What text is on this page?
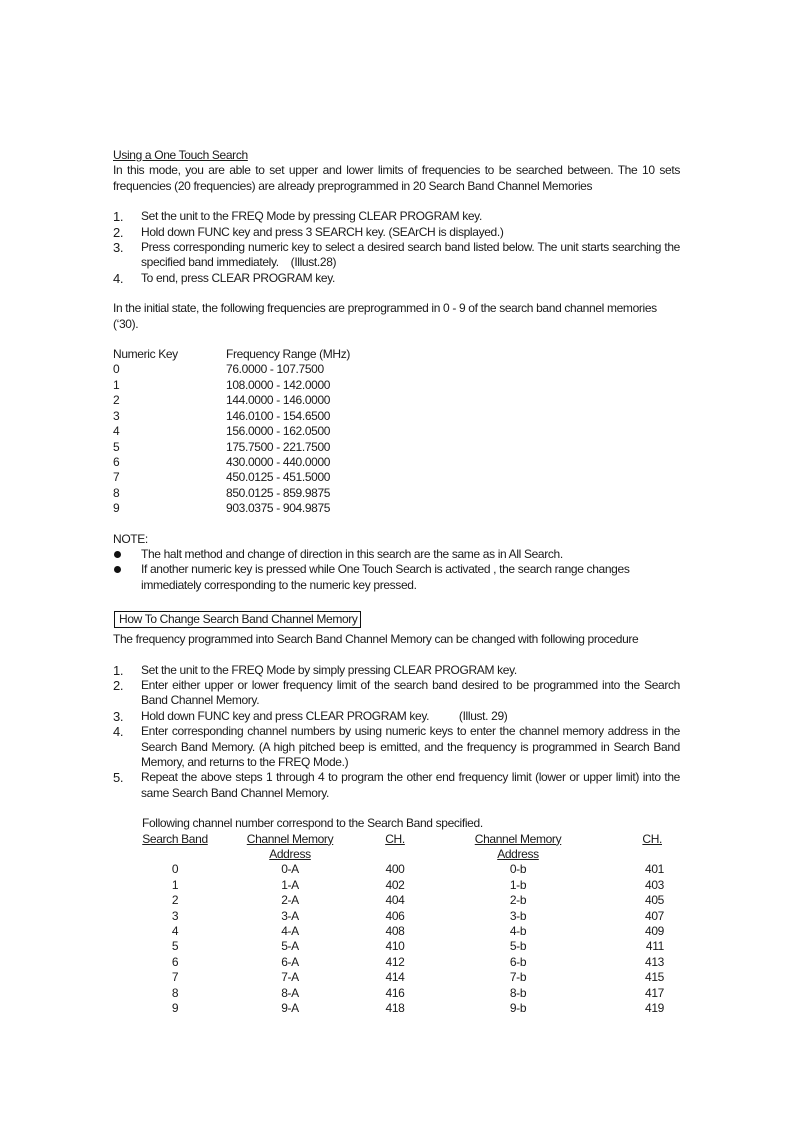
Using a One Touch Search
In this mode, you are able to set upper and lower limits of frequencies to be searched between. The 10 sets frequencies (20 frequencies) are already preprogrammed in 20 Search Band Channel Memories
1. Set the unit to the FREQ Mode by pressing CLEAR PROGRAM key.
2. Hold down FUNC key and press 3 SEARCH key. (SEArCH is displayed.)
3. Press corresponding numeric key to select a desired search band listed below. The unit starts searching the specified band immediately.    (Illust.28)
4. To end, press CLEAR PROGRAM key.
In the initial state, the following frequencies are preprogrammed in 0 - 9 of the search band channel memories (‘30).
Numeric Key	Frequency Range (MHz)
0	76.0000 - 107.7500
1	108.0000 - 142.0000
2	144.0000 - 146.0000
3	146.0100 - 154.6500
4	156.0000 - 162.0500
5	175.7500 - 221.7500
6	430.0000 - 440.0000
7	450.0125 - 451.5000
8	850.0125 - 859.9875
9	903.0375 - 904.9875
NOTE:
The halt method and change of direction in this search are the same as in All Search.
If another numeric key is pressed while One Touch Search is activated , the search range changes immediately corresponding to the numeric key pressed.
How To Change Search Band Channel Memory
The frequency programmed into Search Band Channel Memory can be changed with following procedure
1. Set the unit to the FREQ Mode by simply pressing CLEAR PROGRAM key.
2. Enter either upper or lower frequency limit of the search band desired to be programmed into the Search Band Channel Memory.
3. Hold down FUNC key and press CLEAR PROGRAM key.          (Illust. 29)
4. Enter corresponding channel numbers by using numeric keys to enter the channel memory address in the Search Band Memory. (A high pitched beep is emitted, and the frequency is programmed in Search Band Memory, and returns to the FREQ Mode.)
5. Repeat the above steps 1 through 4 to program the other end frequency limit (lower or upper limit) into the same Search Band Channel Memory.
Following channel number correspond to the Search Band specified.
Search Band		Channel Memory Address	CH.		Channel Memory Address	CH.
0		0-A	400		0-b	401
1		1-A	402		1-b	403
2		2-A	404		2-b	405
3		3-A	406		3-b	407
4		4-A	408		4-b	409
5		5-A	410		5-b	411
6		6-A	412		6-b	413
7		7-A	414		7-b	415
8		8-A	416		8-b	417
9		9-A	418		9-b	419
